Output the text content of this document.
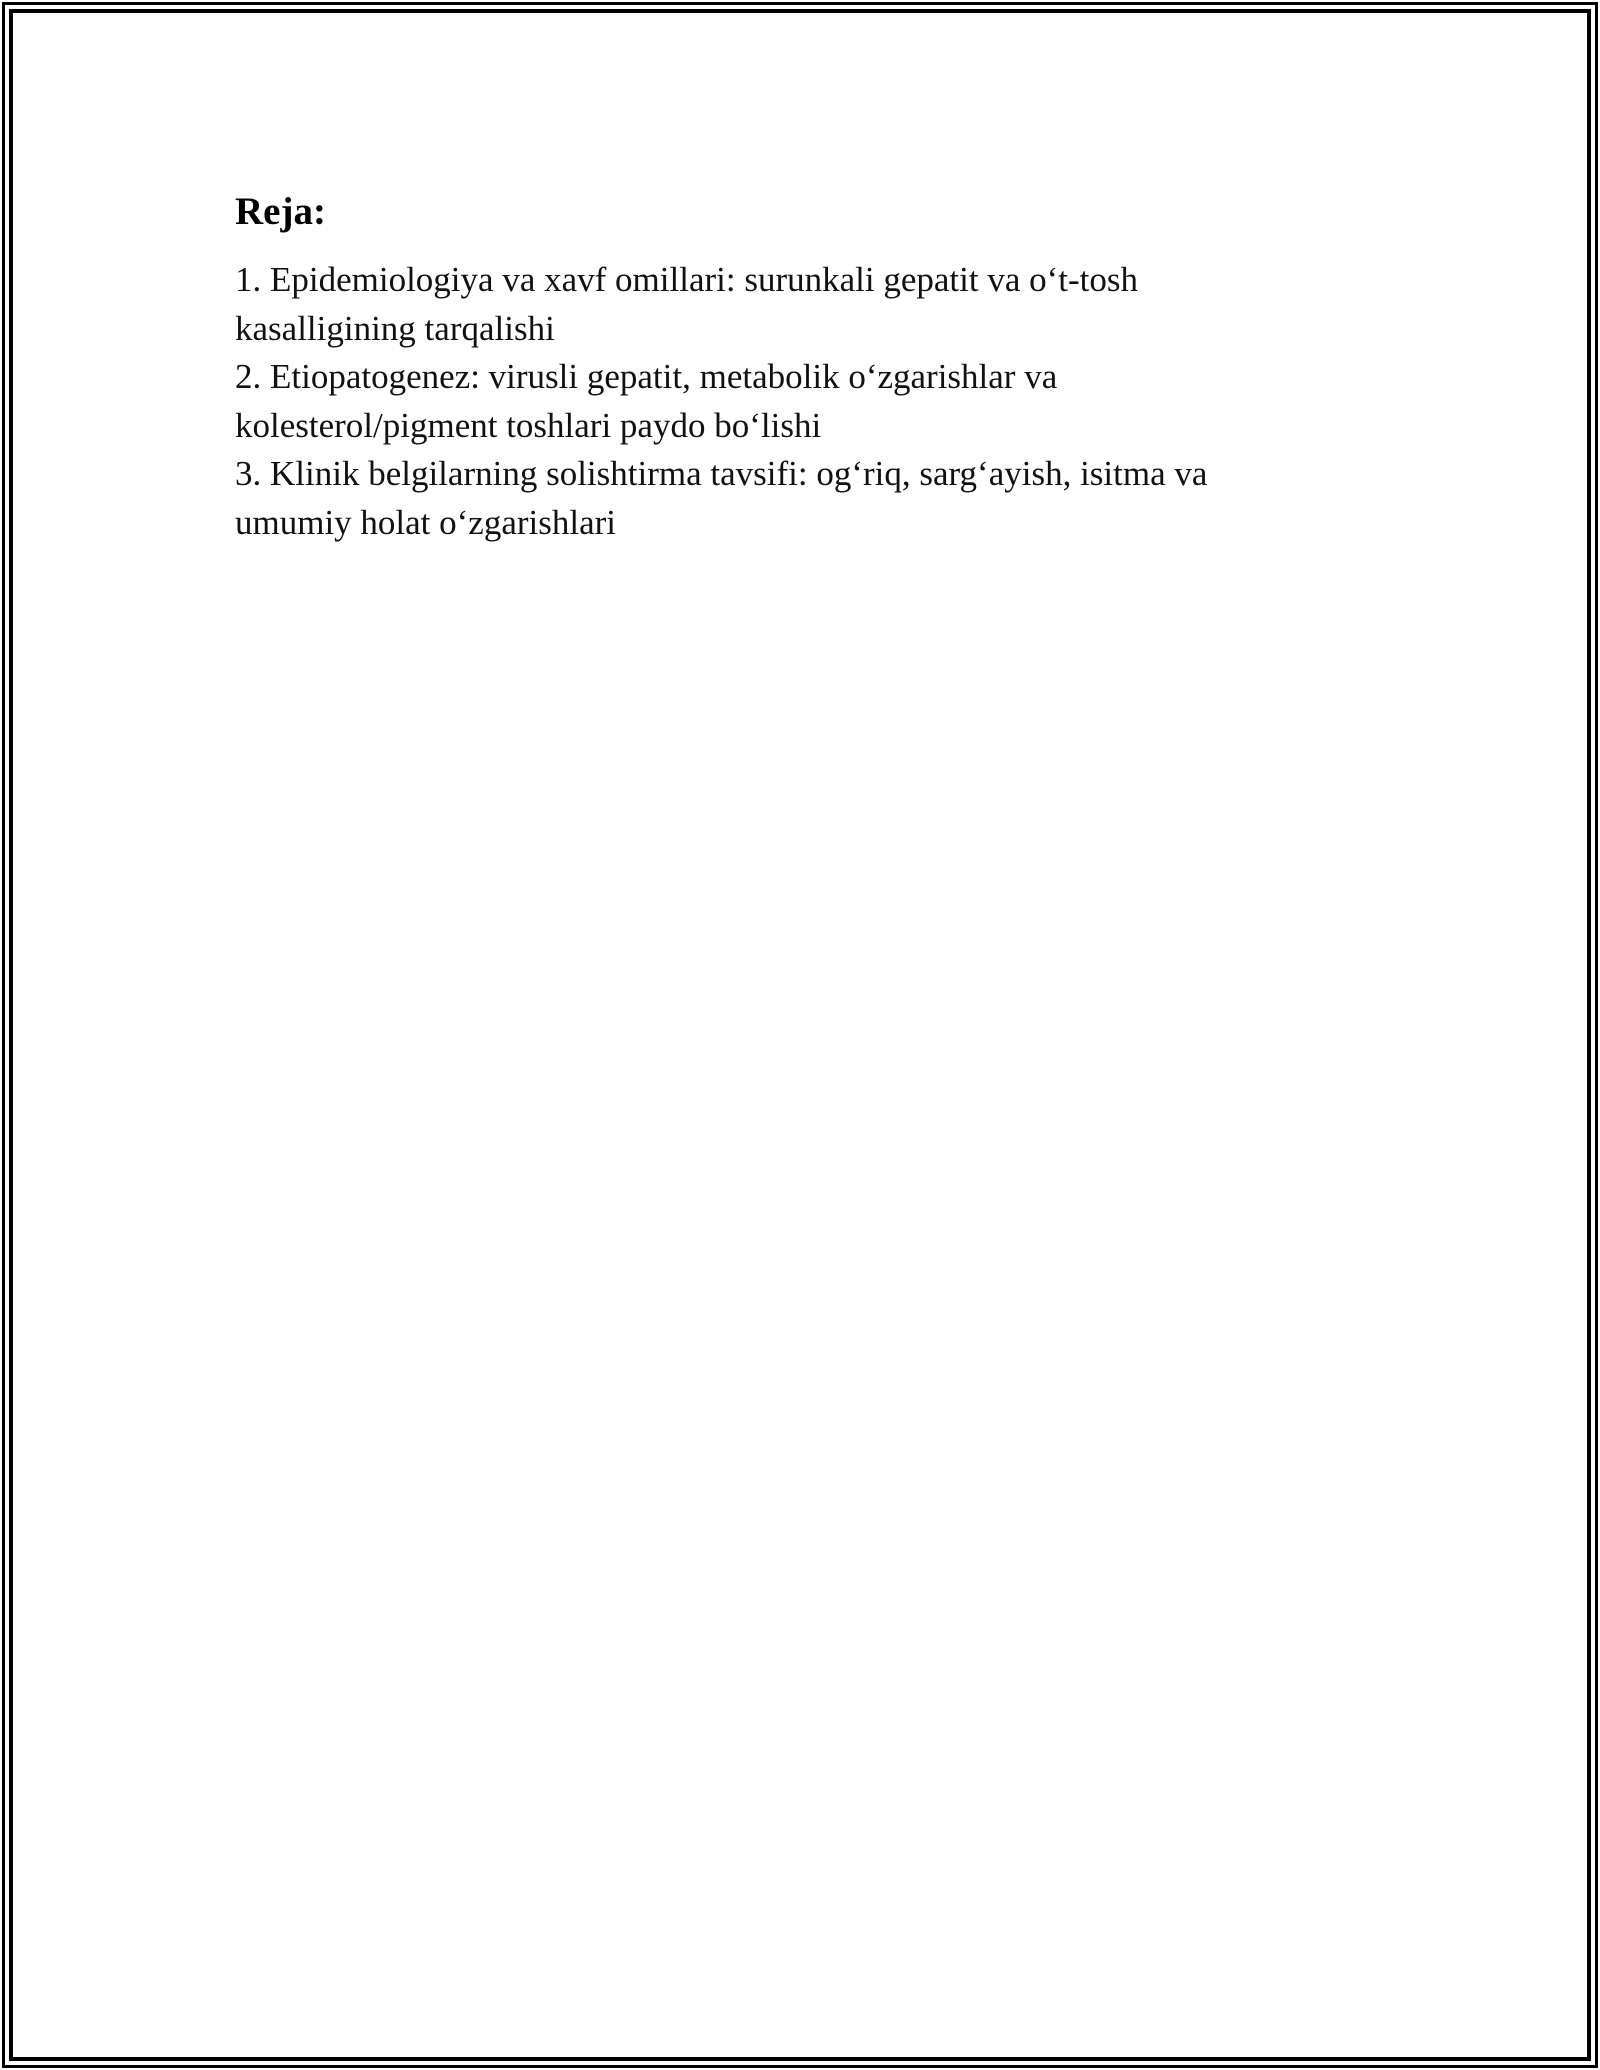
Reja:
1. Epidemiologiya va xavf omillari: surunkali gepatit va o‘t-tosh
kasalligining tarqalishi
2. Etiopatogenez: virusli gepatit, metabolik o‘zgarishlar va
kolesterol/pigment toshlari paydo bo‘lishi
3. Klinik belgilarning solishtirma tavsifi: og‘riq, sarg‘ayish, isitma va
umumiy holat o‘zgarishlari
